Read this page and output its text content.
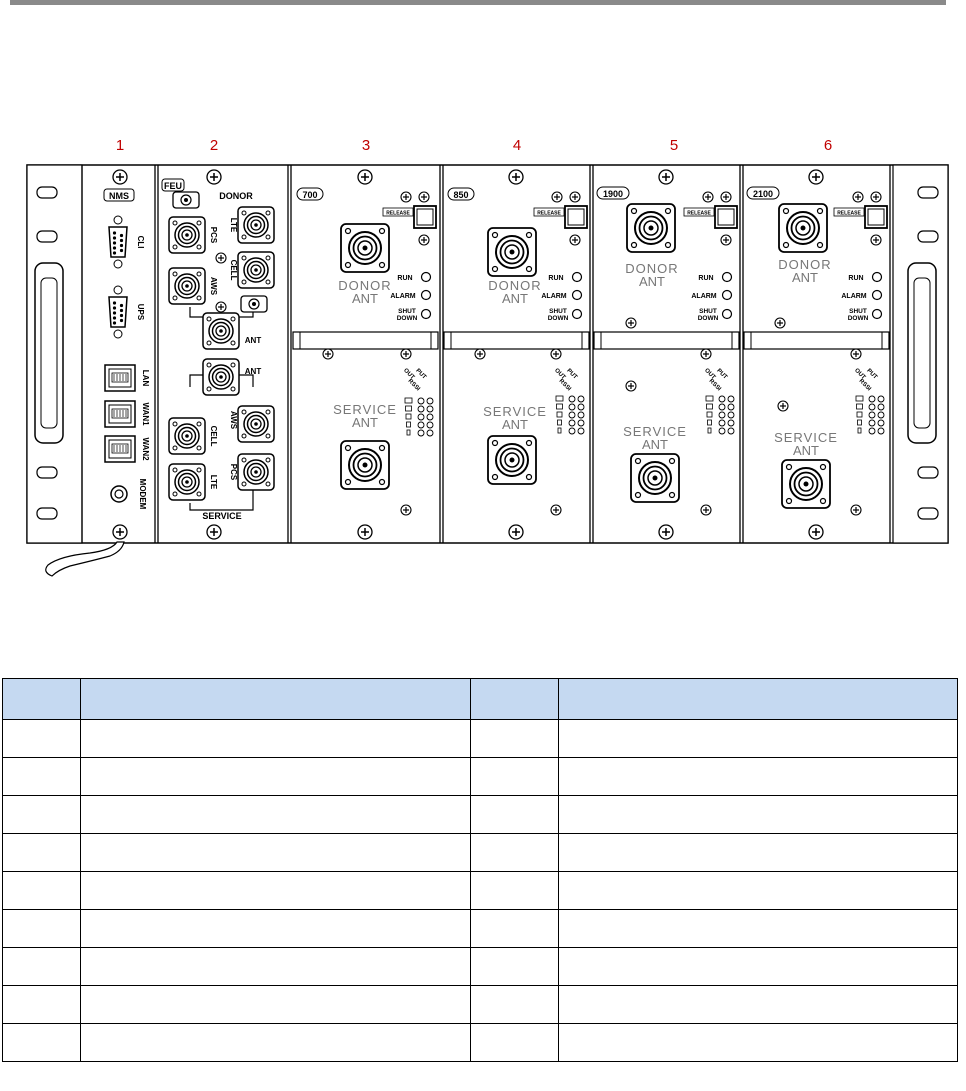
1	2	3	4	5	6
NMS
CLI
UPS
LAN
WAN1
WAN2
MODEM
FEU
DONOR
PCS
LTE
AWS
CELL
ANT
ANT
AWS
CELL
PCS
LTE
SERVICE
700
RELEASE
DONOR
ANT
RUN
ALARM
SHUT
DOWN
OUT PUT
RSSI
SERVICE
ANT
850
RELEASE
DONOR
ANT
RUN
ALARM
SHUT
DOWN
OUT PUT
RSSI
SERVICE
ANT
1900
RELEASE
DONOR
ANT	RUN
ALARM
SHUT
DOWN
OUT PUT
RSSI
SERVICE
ANT
2100
RELEASE
DONOR
ANT	RUN
ALARM
SHUT
DOWN
OUT PUT
RSSI
SERVICE
ANT
